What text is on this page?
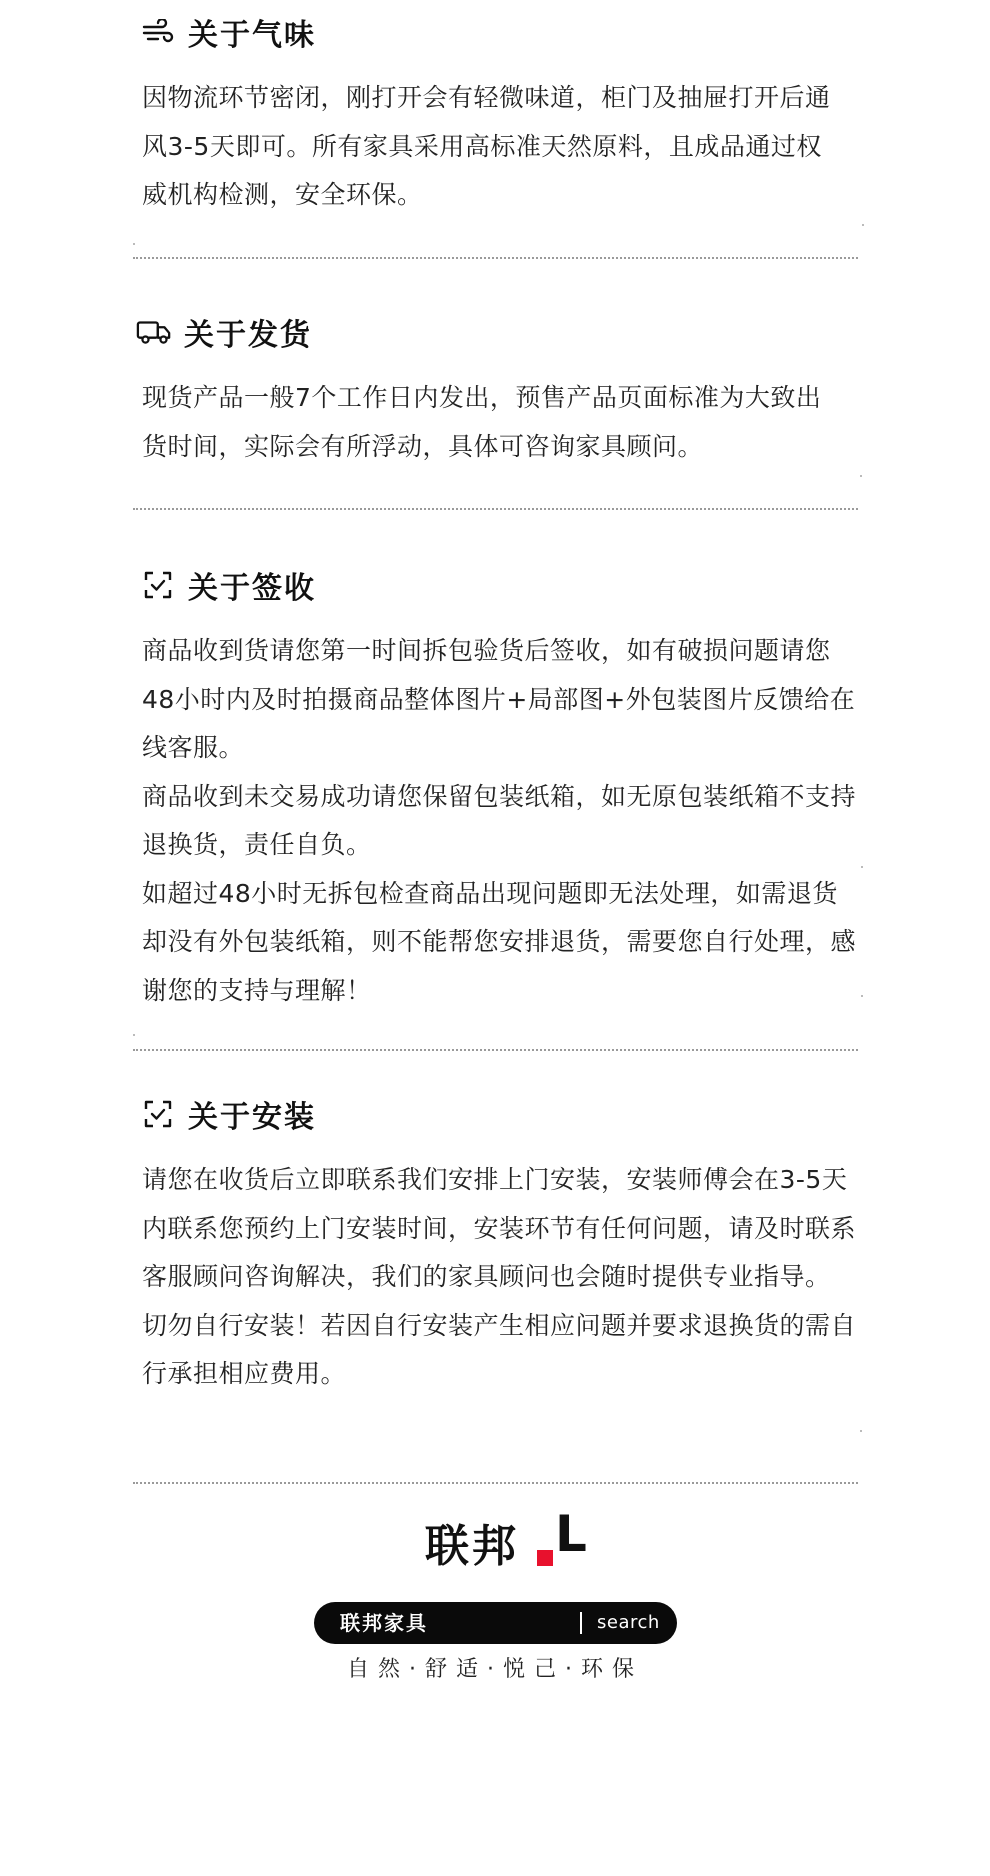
关于气味

因物流环节密闭，刚打开会有轻微味道，柜门及抽屉打开后通风3-5天即可。所有家具采用高标准天然原料，且成品通过权威机构检测，安全环保。

关于发货

现货产品一般7个工作日内发出，预售产品页面标准为大致出货时间，实际会有所浮动，具体可咨询家具顾问。

关于签收

商品收到货请您第一时间拆包验货后签收，如有破损问题请您48小时内及时拍摄商品整体图片+局部图+外包装图片反馈给在线客服。

商品收到未交易成功请您保留包装纸箱，如无原包装纸箱不支持退换货，责任自负。

如超过48小时无拆包检查商品出现问题即无法处理，如需退货却没有外包装纸箱，则不能帮您安排退货，需要您自行处理，感谢您的支持与理解！

关于安装

请您在收货后立即联系我们安排上门安装，安装师傅会在3-5天内联系您预约上门安装时间，安装环节有任何问题，请及时联系客服顾问咨询解决，我们的家具顾问也会随时提供专业指导。

切勿自行安装！若因自行安装产生相应问题并要求退换货的需自行承担相应费用。

联邦 L
联邦家具	search
自然·舒适·悦己·环保
